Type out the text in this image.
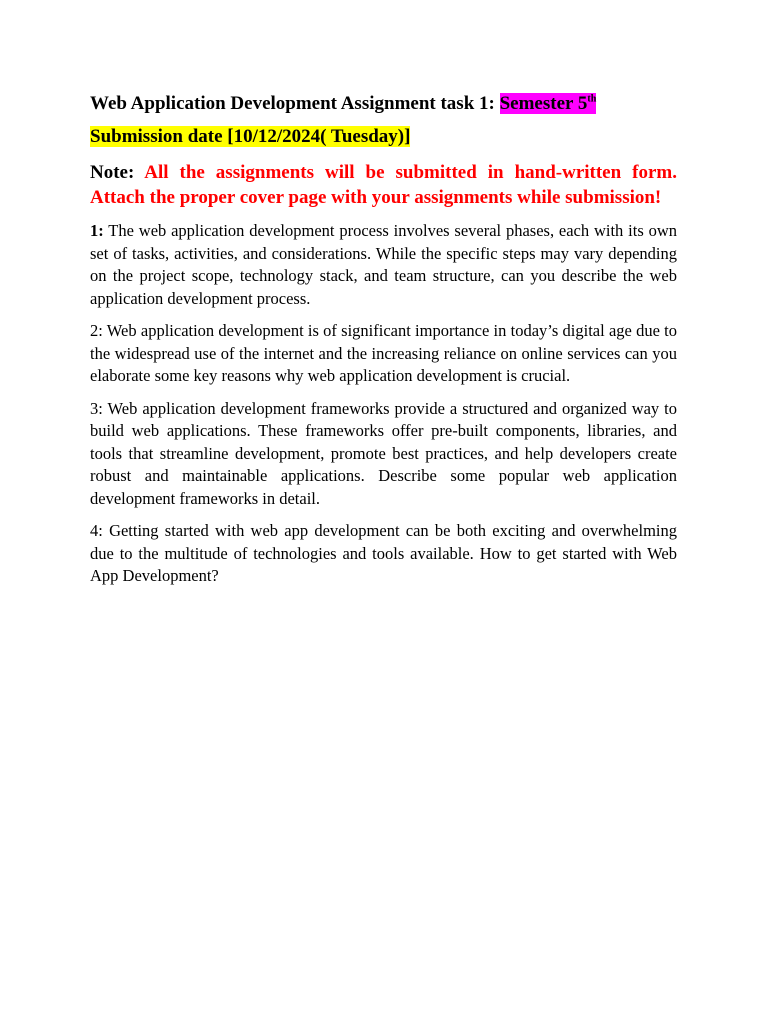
Web Application Development Assignment task 1: Semester 5th
Submission date [10/12/2024( Tuesday)]
Note: All the assignments will be submitted in hand-written form. Attach the proper cover page with your assignments while submission!
1: The web application development process involves several phases, each with its own set of tasks, activities, and considerations. While the specific steps may vary depending on the project scope, technology stack, and team structure, can you describe the web application development process.
2: Web application development is of significant importance in today’s digital age due to the widespread use of the internet and the increasing reliance on online services can you elaborate some key reasons why web application development is crucial.
3: Web application development frameworks provide a structured and organized way to build web applications. These frameworks offer pre-built components, libraries, and tools that streamline development, promote best practices, and help developers create robust and maintainable applications. Describe some popular web application development frameworks in detail.
4: Getting started with web app development can be both exciting and overwhelming due to the multitude of technologies and tools available. How to get started with Web App Development?
